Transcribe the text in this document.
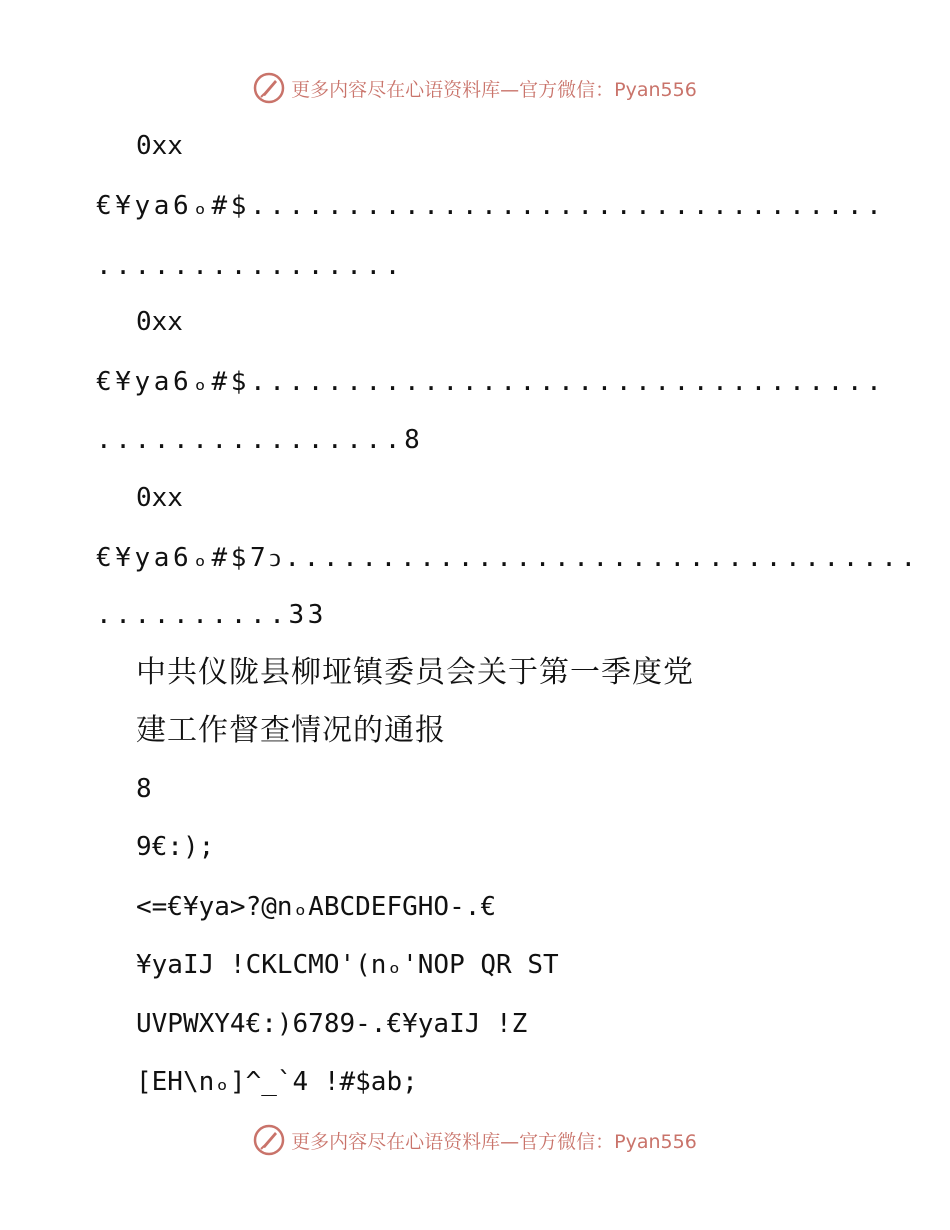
更多内容尽在心语资料库—官方微信：Pyan556
0xx
€¥ya6ₒ#$.................................
................
0xx
€¥ya6ₒ#$.................................
................8
0xx
€¥ya6ₒ#$7ↄ.................................
..........33
中共仪陇县柳垭镇委员会关于第一季度党
建工作督查情况的通报
8
9€:);
<=€¥ya>?@nₒABCDEFGHO-.€
¥yaIJ !CKLCMO'(nₒ'NOP QR ST
UVPWXY4€:)6789-.€¥yaIJ !Z
[EH\nₒ]^_`4 !#$ab;
更多内容尽在心语资料库—官方微信：Pyan556
